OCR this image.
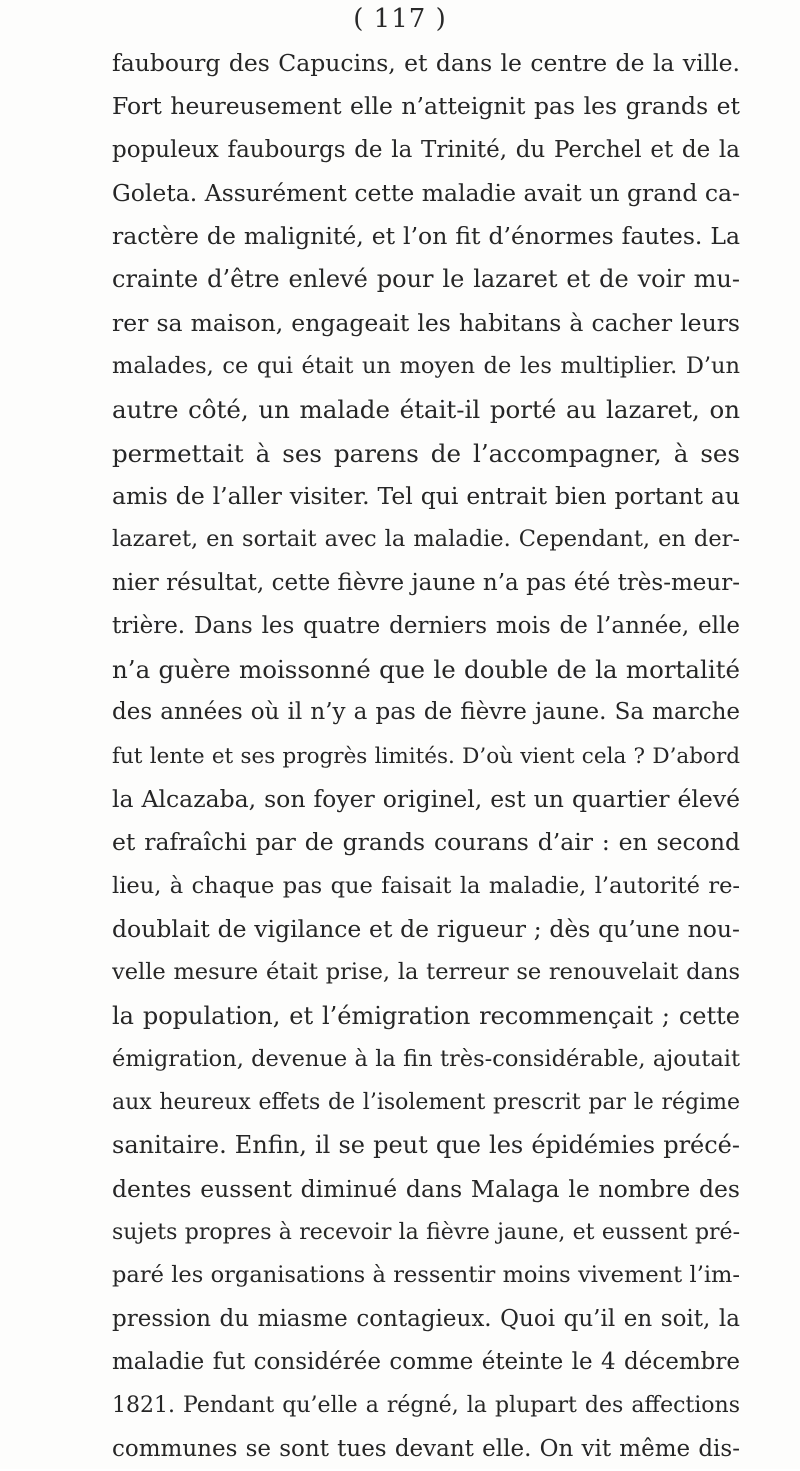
( 117 )
faubourg des Capucins, et dans le centre de la ville.
Fort heureusement elle n’atteignit pas les grands et
populeux faubourgs de la Trinité, du Perchel et de la
Goleta. Assurément cette maladie avait un grand ca-
ractère de malignité, et l’on fit d’énormes fautes. La
crainte d’être enlevé pour le lazaret et de voir mu-
rer sa maison, engageait les habitans à cacher leurs
malades, ce qui était un moyen de les multiplier. D’un
autre côté, un malade était-il porté au lazaret, on
permettait à ses parens de l’accompagner, à ses
amis de l’aller visiter. Tel qui entrait bien portant au
lazaret, en sortait avec la maladie. Cependant, en der-
nier résultat, cette fièvre jaune n’a pas été très-meur-
trière. Dans les quatre derniers mois de l’année, elle
n’a guère moissonné que le double de la mortalité
des années où il n’y a pas de fièvre jaune. Sa marche
fut lente et ses progrès limités. D’où vient cela ? D’abord
la Alcazaba, son foyer originel, est un quartier élevé
et rafraîchi par de grands courans d’air : en second
lieu, à chaque pas que faisait la maladie, l’autorité re-
doublait de vigilance et de rigueur ; dès qu’une nou-
velle mesure était prise, la terreur se renouvelait dans
la population, et l’émigration recommençait ; cette
émigration, devenue à la fin très-considérable, ajoutait
aux heureux effets de l’isolement prescrit par le régime
sanitaire. Enfin, il se peut que les épidémies précé-
dentes eussent diminué dans Malaga le nombre des
sujets propres à recevoir la fièvre jaune, et eussent pré-
paré les organisations à ressentir moins vivement l’im-
pression du miasme contagieux. Quoi qu’il en soit, la
maladie fut considérée comme éteinte le 4 décembre
1821. Pendant qu’elle a régné, la plupart des affections
communes se sont tues devant elle. On vit même dis-
